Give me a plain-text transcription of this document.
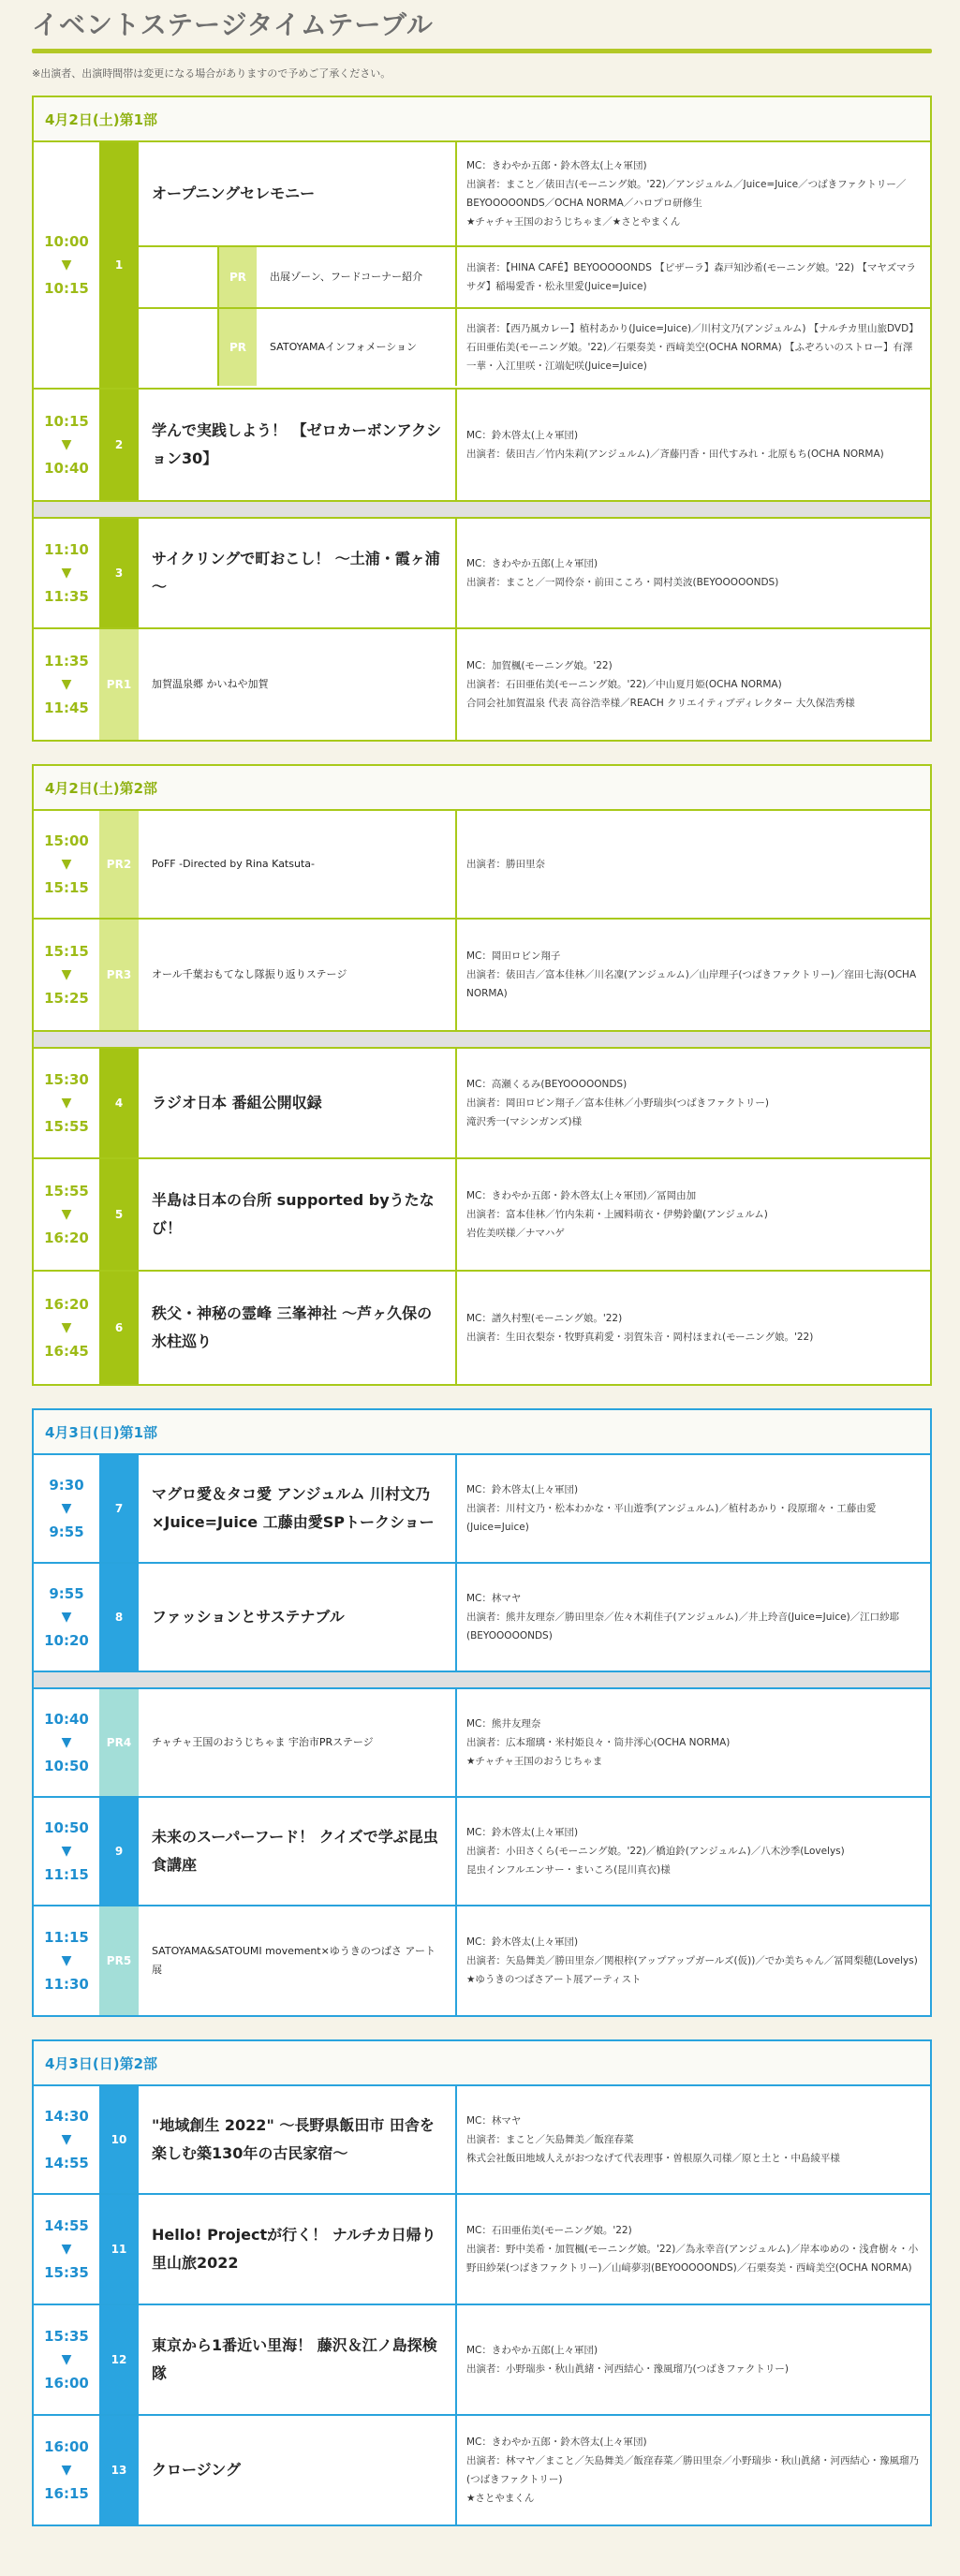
イベントステージタイムテーブル
※出演者、出演時間帯は変更になる場合がありますので予めご了承ください。
4月2日(土)第1部
10:00
▼
10:15
1
オープニングセレモニー
MC：きわやか五郎・鈴木啓太(上々軍団)
出演者：まこと／俵田吉(モーニング娘。'22)／アンジュルム／Juice=Juice／つばきファクトリー／BEYOOOOONDS／OCHA NORMA／ハロプロ研修生
★チャチャ王国のおうじちゃま／★さとやまくん
PR	出展ゾーン、フードコーナー紹介
出演者：【HINA CAFÉ】BEYOOOOONDS 【ピザーラ】森戸知沙希(モーニング娘。'22) 【マヤズマラサダ】稲場愛香・松永里愛(Juice=Juice)
PR	SATOYAMAインフォメーション
出演者：【西乃風カレー】植村あかり(Juice=Juice)／川村文乃(アンジュルム) 【ナルチカ里山旅DVD】石田亜佑美(モーニング娘。'22)／石栗奏美・西﨑美空(OCHA NORMA) 【ふぞろいのストロー】有澤一華・入江里咲・江端妃咲(Juice=Juice)
10:15
▼
10:40
2
学んで実践しよう！ 【ゼロカーボンアクション30】
MC：鈴木啓太(上々軍団)
出演者：俵田吉／竹内朱莉(アンジュルム)／斉藤円香・田代すみれ・北原もち(OCHA NORMA)
11:10
▼
11:35
3
サイクリングで町おこし！ ～土浦・霞ヶ浦～
MC：きわやか五郎(上々軍団)
出演者：まこと／一岡伶奈・前田こころ・岡村美波(BEYOOOOONDS)
11:35
▼
11:45
PR1	加賀温泉郷 かいねや加賀
MC：加賀楓(モーニング娘。'22)
出演者：石田亜佑美(モーニング娘。'22)／中山夏月姫(OCHA NORMA)
合同会社加賀温泉 代表 高谷浩幸様／REACH クリエイティブディレクター 大久保浩秀様
4月2日(土)第2部
15:00
▼
15:15
PR2	PoFF -Directed by Rina Katsuta-	出演者：勝田里奈
15:15
▼
15:25
PR3	オール千葉おもてなし隊振り返りステージ
MC：岡田ロビン翔子
出演者：俵田吉／富本佳林／川名凜(アンジュルム)／山岸理子(つばきファクトリー)／窪田七海(OCHA NORMA)
15:30
▼
15:55
4	ラジオ日本 番組公開収録
MC：高瀬くるみ(BEYOOOOONDS)
出演者：岡田ロビン翔子／富本佳林／小野瑞歩(つばきファクトリー)
滝沢秀一(マシンガンズ)様
15:55
▼
16:20
5
半島は日本の台所 supported byうたなび！
MC：きわやか五郎・鈴木啓太(上々軍団)／冨岡由加
出演者：富本佳林／竹内朱莉・上國料萌衣・伊勢鈴蘭(アンジュルム)
岩佐美咲様／ナマハゲ
16:20
▼
16:45
6
秩父・神秘の霊峰 三峯神社 ～芦ヶ久保の氷柱巡り
MC：譜久村聖(モーニング娘。'22)
出演者：生田衣梨奈・牧野真莉愛・羽賀朱音・岡村ほまれ(モーニング娘。'22)
4月3日(日)第1部
9:30
▼
9:55
7
マグロ愛＆タコ愛 アンジュルム 川村文乃×Juice=Juice 工藤由愛SPトークショー
MC：鈴木啓太(上々軍団)
出演者：川村文乃・松本わかな・平山遊季(アンジュルム)／植村あかり・段原瑠々・工藤由愛(Juice=Juice)
9:55
▼
10:20
8	ファッションとサステナブル
MC：林マヤ
出演者：熊井友理奈／勝田里奈／佐々木莉佳子(アンジュルム)／井上玲音(Juice=Juice)／江口紗耶(BEYOOOOONDS)
10:40
▼
10:50
PR4	チャチャ王国のおうじちゃま 宇治市PRステージ
MC：熊井友理奈
出演者：広本瑠璃・米村姫良々・筒井澪心(OCHA NORMA)
★チャチャ王国のおうじちゃま
10:50
▼
11:15
9
未来のスーパーフード！ クイズで学ぶ昆虫食講座
MC：鈴木啓太(上々軍団)
出演者：小田さくら(モーニング娘。'22)／橋迫鈴(アンジュルム)／八木沙季(Lovelys)
昆虫インフルエンサー・まいころ(昆川真衣)様
11:15
▼
11:30
PR5
SATOYAMA&SATOUMI movement×ゆうきのつばさ アート展
MC：鈴木啓太(上々軍団)
出演者：矢島舞美／勝田里奈／関根梓(アップアップガールズ(仮))／でか美ちゃん／冨岡梨穂(Lovelys)
★ゆうきのつばさアート展アーティスト
4月3日(日)第2部
14:30
▼
14:55
10
"地域創生 2022" ～長野県飯田市 田舎を楽しむ築130年の古民家宿～
MC：林マヤ
出演者：まこと／矢島舞美／飯窪春菜
株式会社飯田地域人えがおつなげて代表理事・曽根原久司様／原と土と・中島綾平様
14:55
▼
15:35
11
Hello! Projectが行く！ ナルチカ日帰り里山旅2022
MC：石田亜佑美(モーニング娘。'22)
出演者：野中美希・加賀楓(モーニング娘。'22)／為永幸音(アンジュルム)／岸本ゆめの・浅倉樹々・小野田紗栞(つばきファクトリー)／山﨑夢羽(BEYOOOOONDS)／石栗奏美・西﨑美空(OCHA NORMA)
15:35
▼
16:00
12
東京から1番近い里海！ 藤沢＆江ノ島探検隊
MC：きわやか五郎(上々軍団)
出演者：小野瑞歩・秋山眞緒・河西結心・豫風瑠乃(つばきファクトリー)
16:00
▼
16:15
13	クロージング
MC：きわやか五郎・鈴木啓太(上々軍団)
出演者：林マヤ／まこと／矢島舞美／飯窪春菜／勝田里奈／小野瑞歩・秋山眞緒・河西結心・豫風瑠乃(つばきファクトリー)
★さとやまくん
